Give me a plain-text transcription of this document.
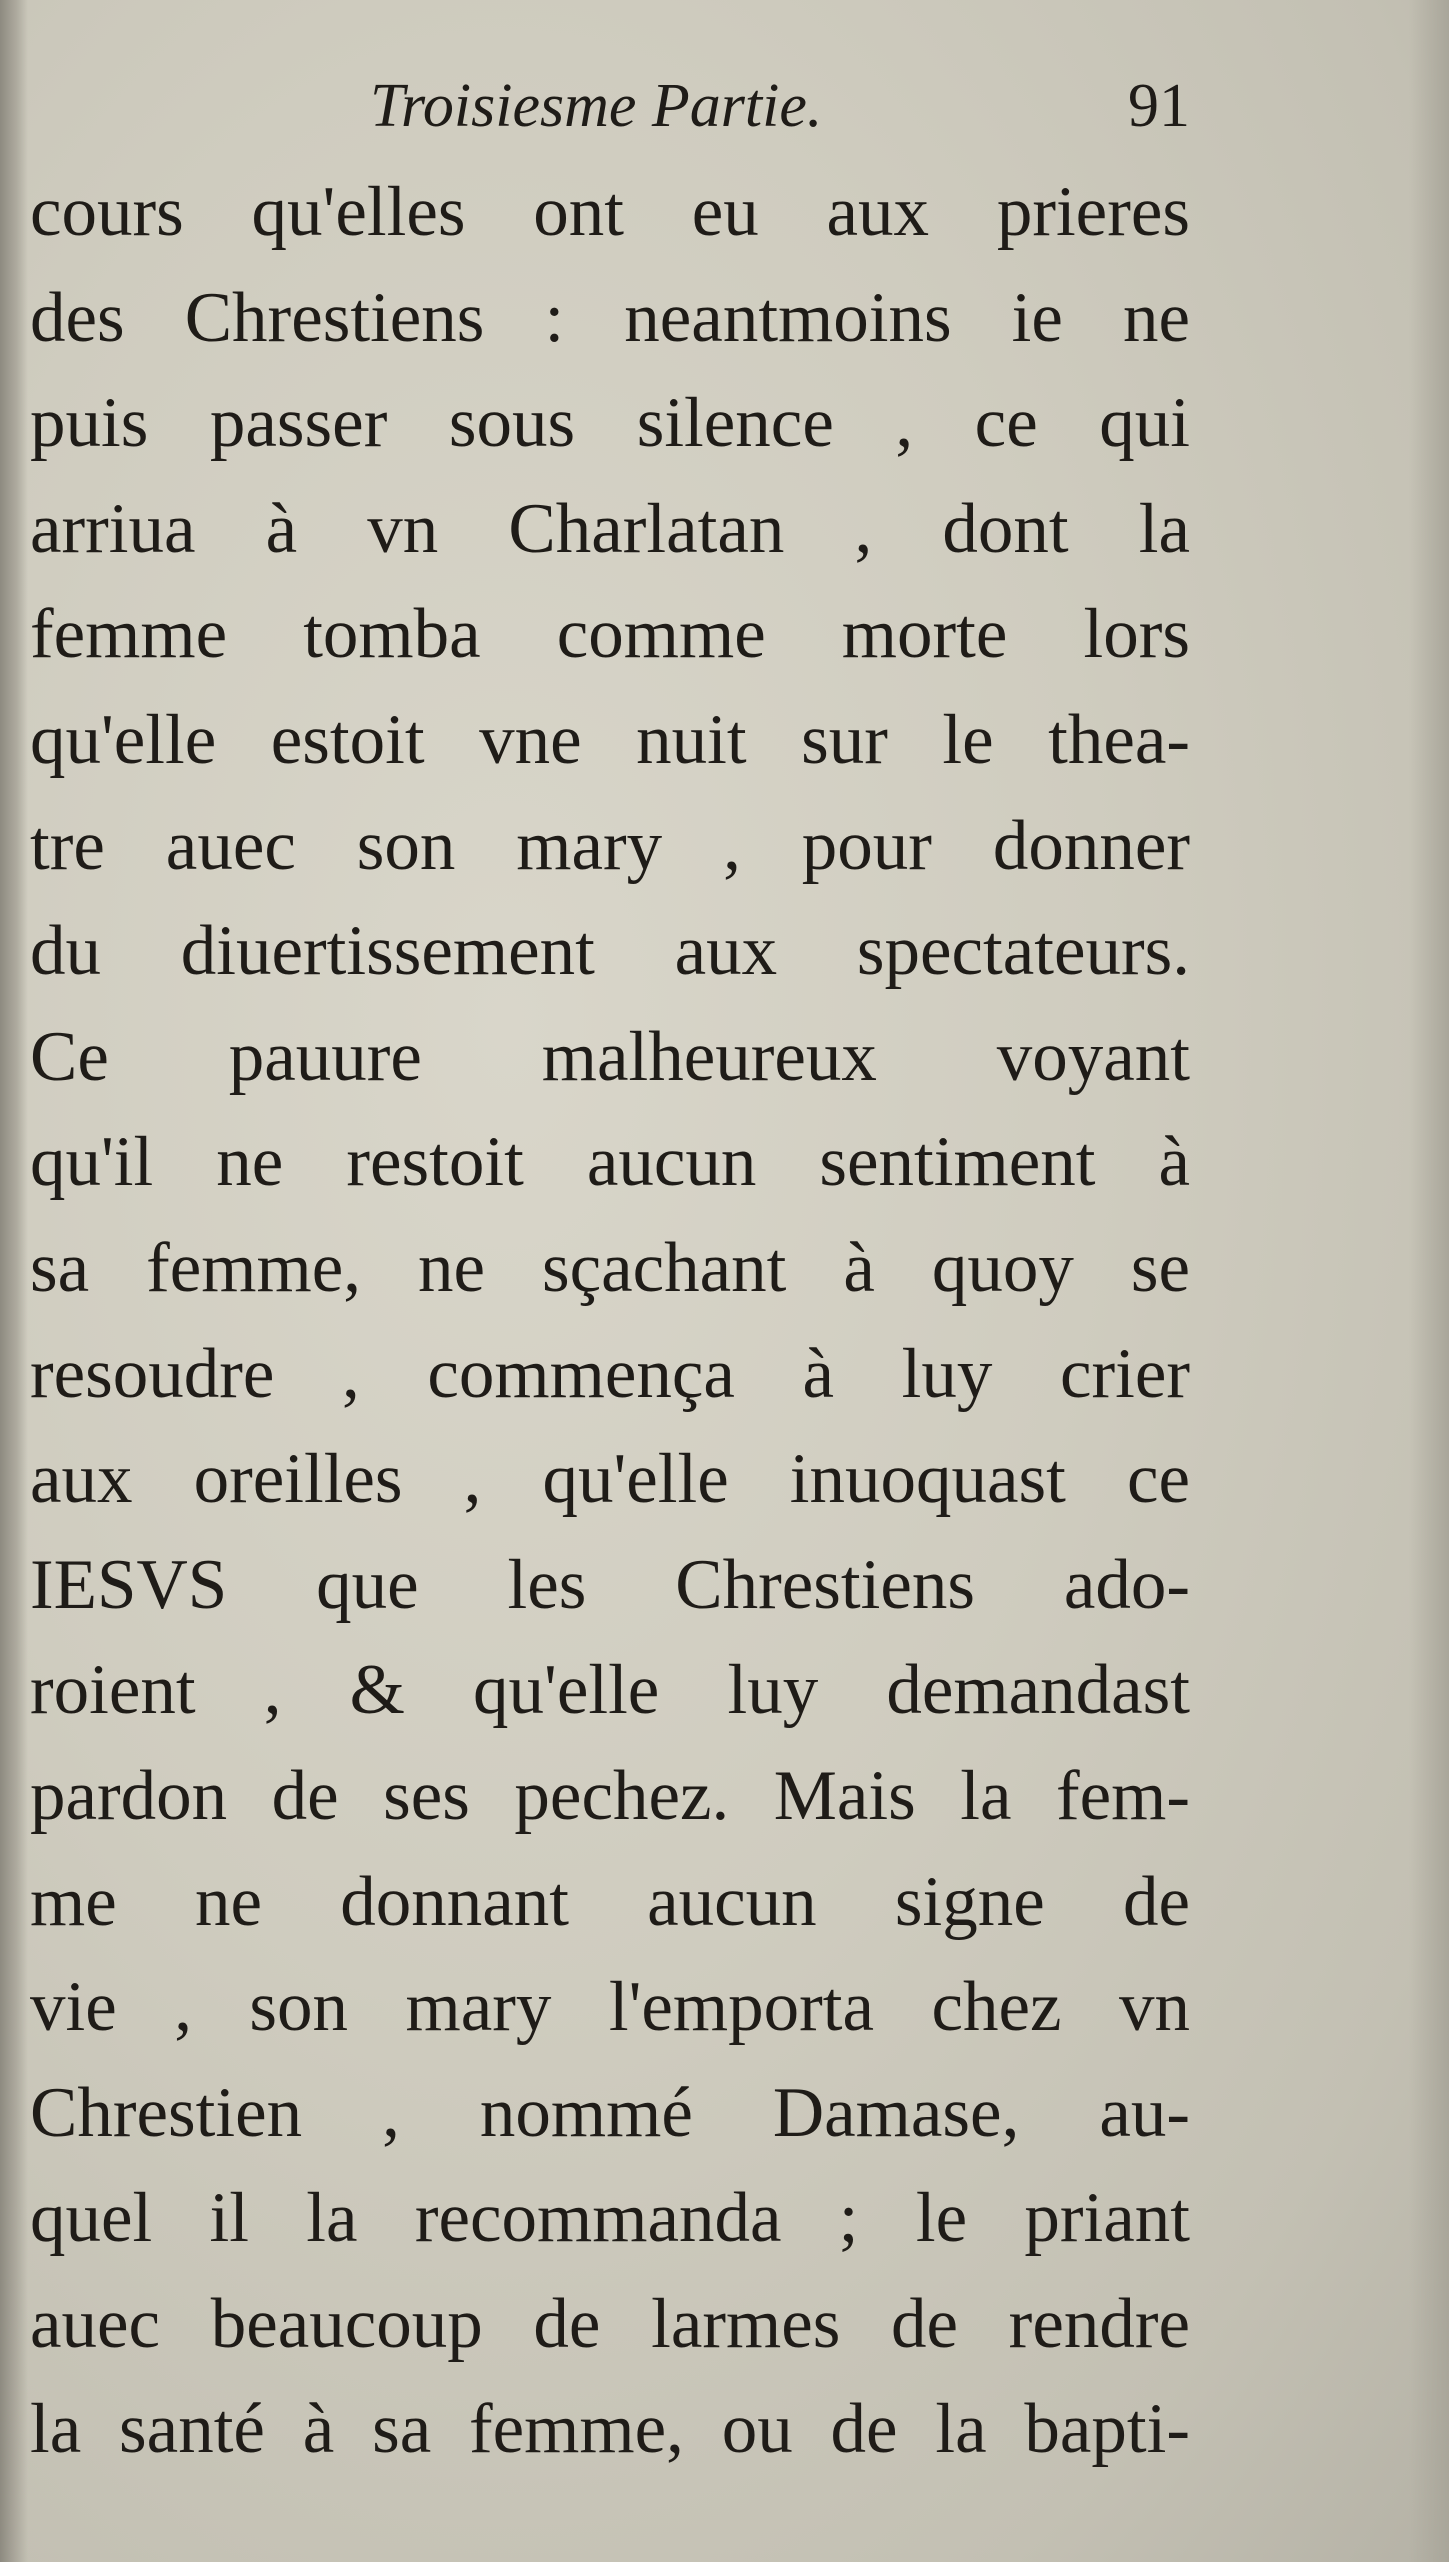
Troisiesme Partie.	91
cours qu'elles ont eu aux prieres
des Chrestiens : neantmoins ie ne
puis passer sous silence , ce qui
arriua à vn Charlatan , dont la
femme tomba comme morte lors
qu'elle estoit vne nuit sur le thea-
tre auec son mary , pour donner
du diuertissement aux spectateurs.
Ce pauure malheureux voyant
qu'il ne restoit aucun sentiment à
sa femme, ne sçachant à quoy se
resoudre , commença à luy crier
aux oreilles , qu'elle inuoquast ce
IESVS que les Chrestiens ado-
roient , & qu'elle luy demandast
pardon de ses pechez. Mais la fem-
me ne donnant aucun signe de
vie , son mary l'emporta chez vn
Chrestien , nommé Damase, au-
quel il la recommanda ; le priant
auec beaucoup de larmes de rendre
la santé à sa femme, ou de la bapti-
